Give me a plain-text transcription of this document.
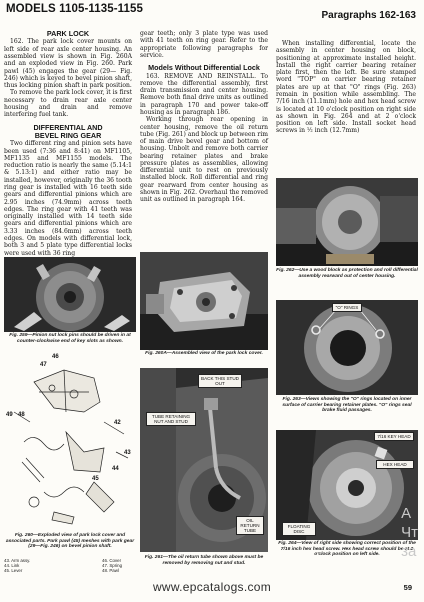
MODELS 1105-1135-1155
Paragraphs 162-163
PARK LOCK

162. The park lock cover mounts on left side of rear axle center housing. An assembled view is shown in Fig. 260A and an exploded view in Fig. 260. Park pawl (45) engages the gear (29— Fig. 246) which is keyed to bevel pinion shaft, thus locking pinion shaft in park position.

To remove the park lock cover, it is first necessary to drain rear axle center housing and drain and remove interfering fuel tank.

DIFFERENTIAL AND
BEVEL RING GEAR

Two different ring and pinion sets have been used (7:36 and 8:41) on MF1105, MF1135 and MF1155 models. The reduction ratio is nearly the same (5.14:1 & 5.13:1) and either ratio may be installed, however, originally the 36 tooth ring gear is installed with 16 teeth side gears and differential pinions which are 2.95 inches (74.9mm) across teeth edges. The ring gear with 41 teeth was originally installed with 14 teeth side gears and differential pinions which are 3.33 inches (84.6mm) across teeth edges. On models with differential lock, both 3 and 5 plate type differential locks were used with 36 ring

gear teeth; only 3 plate type was used with 41 teeth on ring gear. Refer to the appropriate following paragraphs for service.

Models Without Differential Lock

163. REMOVE AND REINSTALL. To remove the differential assembly, first drain transmission and center housing. Remove both final drive units as outlined in paragraph 170 and power take-off housing as in paragraph 186.

Working through rear opening in center housing, remove the oil return tube (Fig. 261) and block up between rim of main drive bevel gear and bottom of housing. Unbolt and remove both carrier bearing retainer plates and brake pressure plates as assemblies, allowing differential unit to rest on previously installed block. Roll differential and ring gear rearward from center housing as shown in Fig. 262. Overhaul the removed unit as outlined in paragraph 164.

When installing differential, locate the assembly in center housing on block, positioning at approximate installed height. Install the right carrier bearing retainer plate first, then the left. Be sure stamped word "TOP" on carrier bearing retainer plates are up at that "O" rings (Fig. 263) remain in position while assembling. The 7/16 inch (11.1mm) hole and hex head screw is located at 10 o'clock position on right side as shown in Fig. 264 and at 2 o'clock position on left side. Install socket head screws in ½ inch (12.7mm)

Fig. 259—Pinion nut lock pins should be driven in at counter-clockwise end of key slots as shown.
46
47
49 48
42
43
44
45
Fig. 260—Exploded view of park lock cover and associated parts. Park pawl (45) meshes with park gear (29—Fig. 246) on bevel pinion shaft.
43. Arm assy.
44. Link
45. Lever
46. Cover
47. Spring
48. Pawl
Fig. 260A—Assembled view of the park lock cover.
BACK THIS STUD OUT
TUBE RETAINING NUT AND STUD
OIL RETURN TUBE
Fig. 261—The oil return tube shown above must be removed by removing nut and stud.
Fig. 262—Use a wood block as protection and roll differential assembly rearward out of center housing.
"O" RINGS
Fig. 263—Views showing the "O" rings located on inner surface of carrier bearing retainer plates. "O" rings seal brake fluid passages.
7/16 KEY HEAD
HEX HEAD
FLOATING DISC
Fig. 264—View of right side showing correct position of the 7/16 inch hex head screw. Hex head screw should be at 2 o'clock position on left side.
A
Чт
за
www.epcatalogs.com	59
